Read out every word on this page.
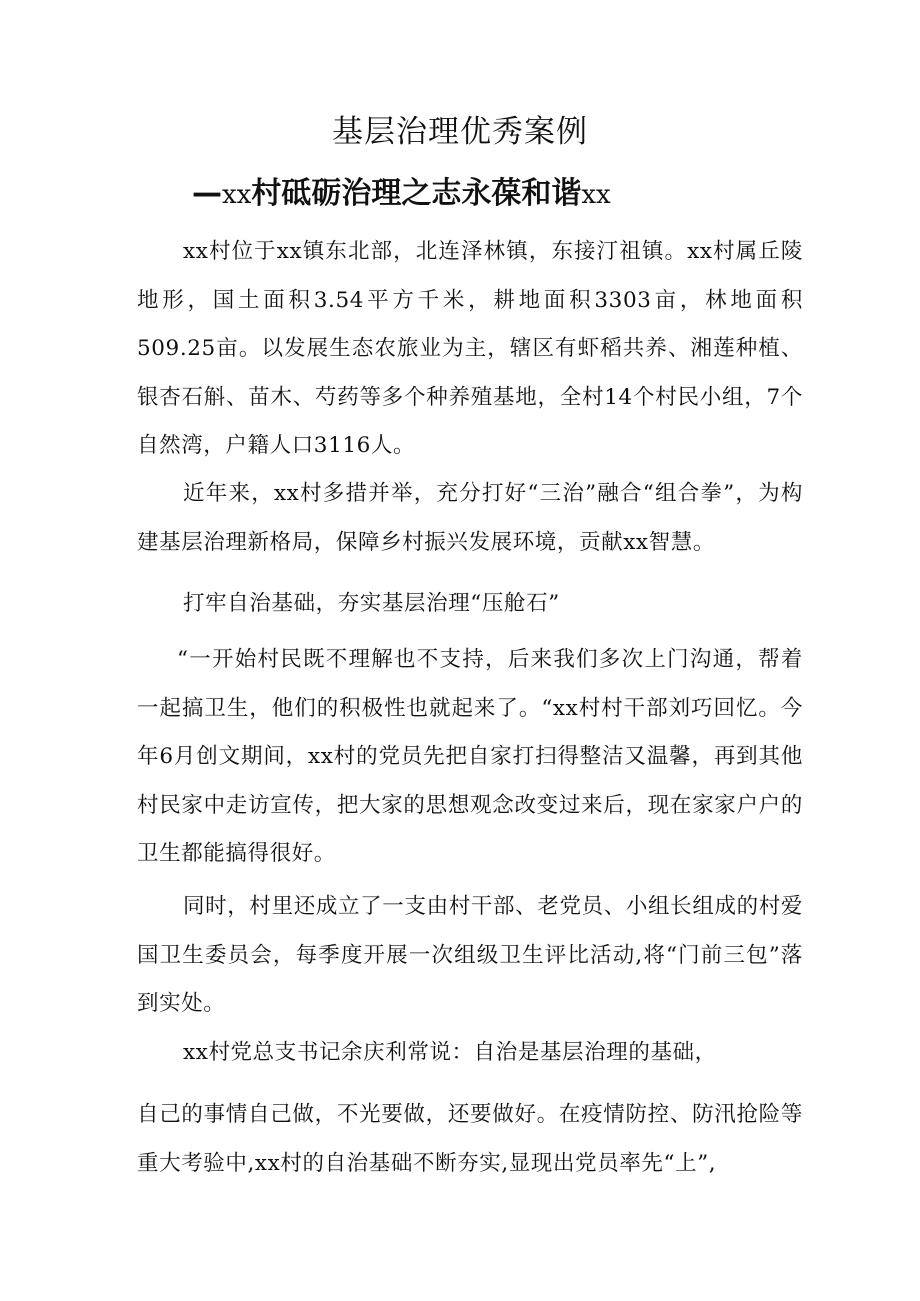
基层治理优秀案例
—xx村砥砺治理之志永葆和谐xx

xx村位于xx镇东北部，北连泽林镇，东接汀祖镇。xx村属丘陵地形，国土面积3.54平方千米，耕地面积3303亩，林地面积509.25亩。以发展生态农旅业为主，辖区有虾稻共养、湘莲种植、银杏石斛、苗木、芍药等多个种养殖基地，全村14个村民小组，7个自然湾，户籍人口3116人。

近年来，xx村多措并举，充分打好“三治”融合“组合拳”，为构建基层治理新格局，保障乡村振兴发展环境，贡献xx智慧。

打牢自治基础，夯实基层治理“压舱石”

“一开始村民既不理解也不支持，后来我们多次上门沟通，帮着一起搞卫生，他们的积极性也就起来了。“xx村村干部刘巧回忆。今年6月创文期间，xx村的党员先把自家打扫得整洁又温馨，再到其他村民家中走访宣传，把大家的思想观念改变过来后，现在家家户户的卫生都能搞得很好。

同时，村里还成立了一支由村干部、老党员、小组长组成的村爱国卫生委员会，每季度开展一次组级卫生评比活动,将“门前三包”落到实处。

xx村党总支书记余庆利常说：自治是基层治理的基础，

自己的事情自己做，不光要做，还要做好。在疫情防控、防汛抢险等重大考验中,xx村的自治基础不断夯实,显现出党员率先“上”,
